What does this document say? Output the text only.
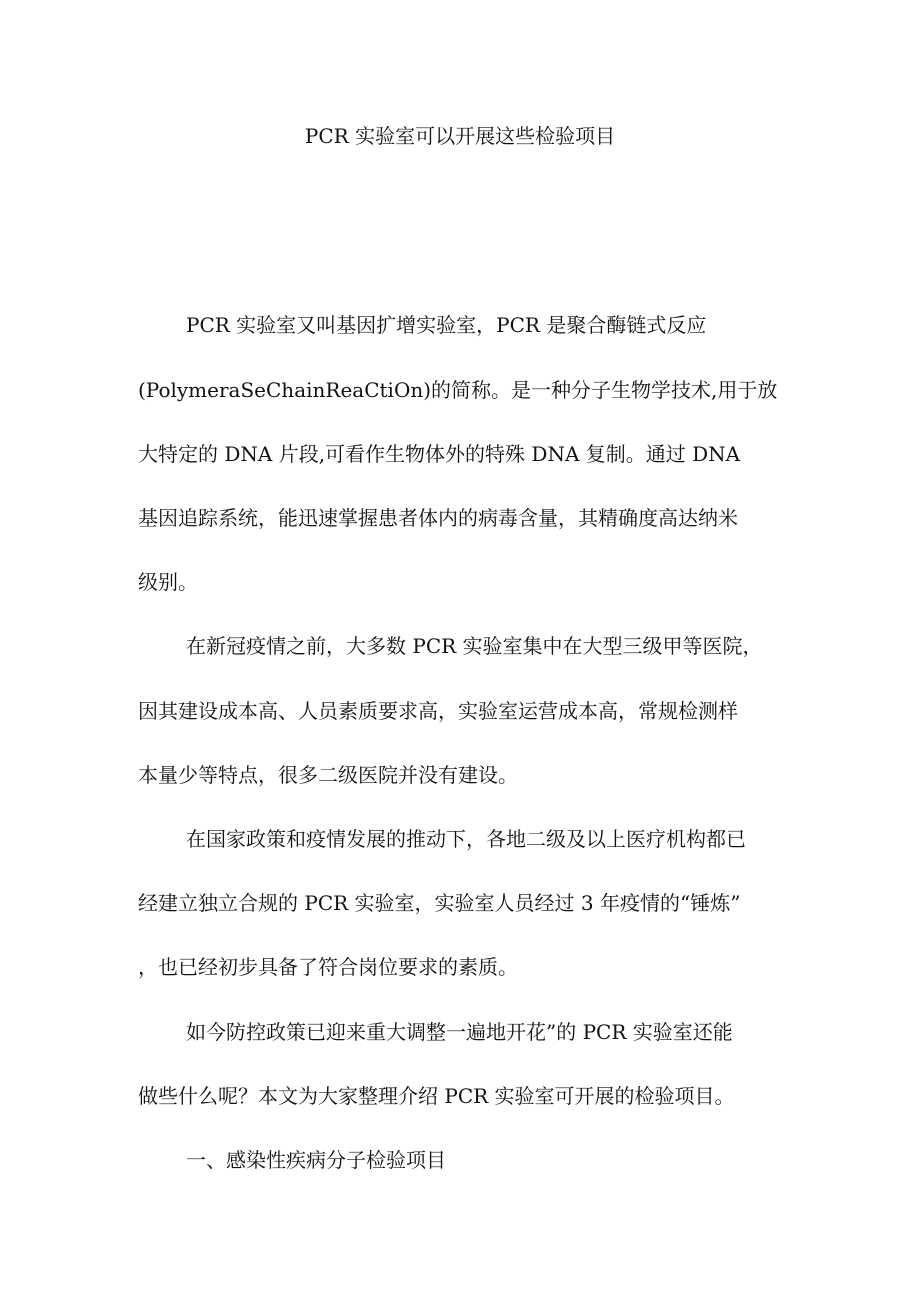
PCR 实验室可以开展这些检验项目

PCR 实验室又叫基因扩增实验室，PCR 是聚合酶链式反应

(PolymeraSeChainReaCtiOn)的简称。是一种分子生物学技术,用于放

大特定的 DNA 片段,可看作生物体外的特殊 DNA 复制。通过 DNA

基因追踪系统，能迅速掌握患者体内的病毒含量，其精确度高达纳米

级别。

在新冠疫情之前，大多数 PCR 实验室集中在大型三级甲等医院，

因其建设成本高、人员素质要求高，实验室运营成本高，常规检测样

本量少等特点，很多二级医院并没有建设。

在国家政策和疫情发展的推动下，各地二级及以上医疗机构都已

经建立独立合规的 PCR 实验室，实验室人员经过 3 年疫情的“锤炼”

，也已经初步具备了符合岗位要求的素质。

如今防控政策已迎来重大调整一遍地开花”的 PCR 实验室还能

做些什么呢？本文为大家整理介绍 PCR 实验室可开展的检验项目。

一、感染性疾病分子检验项目
